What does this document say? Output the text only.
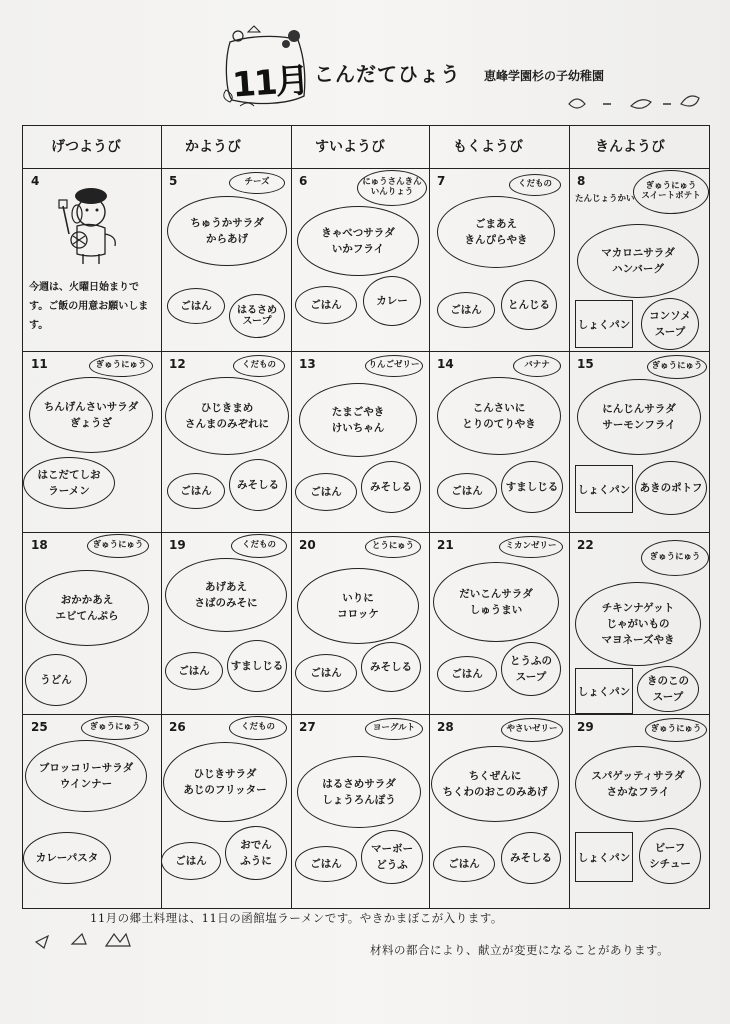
11月 こんだてひょう 恵峰学園杉の子幼稚園
げつようび	かようび	すいようび	もくようび	きんようび
4
今週は、火曜日始まりです。ご飯の用意お願いします。
5	チーズ
ちゅうかサラダ
からあげ
ごはん	はるさめ
スープ
6	にゅうさんきん
いんりょう
きゃべつサラダ
いかフライ
ごはん	カレー
7	くだもの
ごまあえ
きんぴらやき
ごはん	とんじる
8
たんじょうかい
ぎゅうにゅう
スイートポテト
マカロニサラダ
ハンバーグ
しょくパン
コンソメ
スープ
11	ぎゅうにゅう
ちんげんさいサラダ
ぎょうざ
はこだてしお
ラーメン
12	くだもの
ひじきまめ
さんまのみぞれに
ごはん	みそしる
13	りんごゼリー
たまごやき
けいちゃん
ごはん	みそしる
14	バナナ
こんさいに
とりのてりやき
ごはん	すましじる
15	ぎゅうにゅう
にんじんサラダ
サーモンフライ
しょくパン あきのポトフ
18	ぎゅうにゅう
おかかあえ
エビてんぷら
うどん
19	くだもの
あげあえ
さばのみそに
ごはん	すましじる
20	とうにゅう
いりに
コロッケ
ごはん	みそしる
21	ミカンゼリー
だいこんサラダ
しゅうまい
ごはん
とうふの
スープ
22
ぎゅうにゅう
チキンナゲット
じゃがいもの
マヨネーズやき
しょくパン
きのこの
スープ
25	ぎゅうにゅう
ブロッコリーサラダ
ウインナー
カレーパスタ
26	くだもの
ひじきサラダ
あじのフリッター
ごはん
おでん
ふうに
27	ヨーグルト
はるさめサラダ
しょうろんぽう
ごはん
マーボー
どうふ
28	やさいゼリー
ちくぜんに
ちくわのおこのみあげ
ごはん	みそしる
29	ぎゅうにゅう
スパゲッティサラダ
さかなフライ
しょくパン
ビーフ
シチュー
11月の郷土料理は、11日の函館塩ラーメンです。やきかまぼこが入ります。
材料の都合により、献立が変更になることがあります。
